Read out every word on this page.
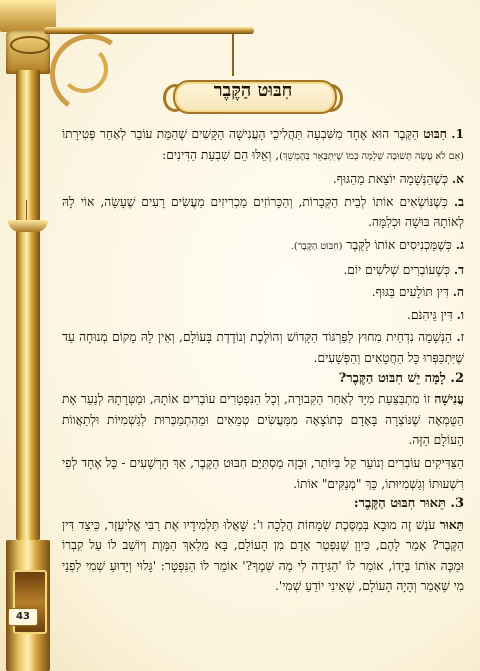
43
חִבּוּט הַקֶּבֶר

1. חִבּוּט הַקֶּבֶר הוּא אֶחָד מִשִּׁבְעָה תַּהֲלִיכֵי הָעֲנִישָׁה הַקָּשִׁים שֶׁהַמֵּת עוֹבֵר לְאַחַר פְּטִירָתוֹ (אִם לֹא עָשָׂה תְּשׁוּבָה שְׁלֵמָה כְּמוֹ שֶׁיִּתְבָּאֵר בְּהֶמְשֵׁךְ), וְאֵלּוּ הֵם שִׁבְעַת הַדִּינִים:

א. כְּשֶׁהַנְּשָׁמָה יוֹצֵאת מֵהַגּוּף.

ב. כְּשֶׁנּוֹשְׂאִים אוֹתוֹ לְבֵית הַקְּבָרוֹת, וְהַכָּרוֹזִים מַכְרִיזִים מַעֲשִׂים רָעִים שֶׁעָשָׂה, אוֹי לָהּ לְאוֹתָהּ בּוּשָׁה וּכְלִמָּה.

ג. כְּשֶׁמַּכְנִיסִים אוֹתוֹ לַקֶּבֶר (חִבּוּט הַקֶּבֶר).

ד. כְּשֶׁעוֹבְרִים שְׁלֹשִׁים יוֹם.

ה. דִּין תּוֹלָעִים בַּגּוּף.

ו. דִּין גֵּיהִנֹּם.

ז. הַנְּשָׁמָה נִדְחֵית מִחוּץ לַפַּרְגּוֹד הַקָּדוֹשׁ וְהוֹלֶכֶת וְנוֹדֶדֶת בָּעוֹלָם, וְאֵין לָהּ מָקוֹם מְנוּחָה עַד שֶׁיִּתְכַּפְּרוּ כָּל הַחֲטָאִים וְהַפְּשָׁעִים.

2. לָמָּה יֵשׁ חִבּוּט הַקֶּבֶר?

עֲנִישָׁה זוֹ מִתְבַּצַּעַת מִיָּד לְאַחַר הַקְּבוּרָה, וְכָל הַנִּפְטָרִים עוֹבְרִים אוֹתָהּ, וּמַטְּרָתָהּ לְנַעֵר אֶת הַטֻּמְאָה שֶׁנּוֹצְרָה בָּאָדָם כְּתוֹצָאָה מִמַּעֲשִׂים טְמֵאִים וּמֵהִתְמַכְּרוּת לְגַשְׁמִיּוֹת וּלְתַאֲווֹת הָעוֹלָם הַזֶּה.

הַצַּדִּיקִים עוֹבְרִים וְנוֹעֵר קַל בְּיוֹתֵר, וּבָזֶה מַסְתַּיֵּם חִבּוּט הַקֶּבֶר, אַךְ הָרְשָׁעִים - כָּל אֶחָד לְפִי רִשְׁעוּתוֹ וְגַשְׁמִיּוּתוֹ, כַּךְ "מְנַקִּים" אוֹתוֹ.

3. תֵּאוּר חִבּוּט הַקֶּבֶר:

תֵּאוּר עֹנֶשׁ זֶה מוּבָא בְּמַסֶּכֶת שְׂמָחוֹת הֲלָכָה ו': שָׁאֲלוּ תַּלְמִידָיו אֶת רַבִּי אֱלִיעֶזֶר, כֵּיצַד דִּין הַקֶּבֶר? אָמַר לָהֶם, כֵּיוָן שֶׁנִּפְטַר אָדָם מִן הָעוֹלָם, בָּא מַלְאַךְ הַמָּוֶת וְיוֹשֵׁב לוֹ עַל קִבְרוֹ וּמַכֶּה אוֹתוֹ בְּיָדוֹ, אוֹמֵר לוֹ 'הַגִּידָה לִי מַה שְּׁמֶךָ?' אוֹמֵר לוֹ הַנִּפְטָר: 'גָּלוּי וְיָדוּעַ שְׁמִי לִפְנֵי מִי שֶׁאָמַר וְהָיָה הָעוֹלָם, שֶׁאֵינִי יוֹדֵעַ שְׁמִי'.
